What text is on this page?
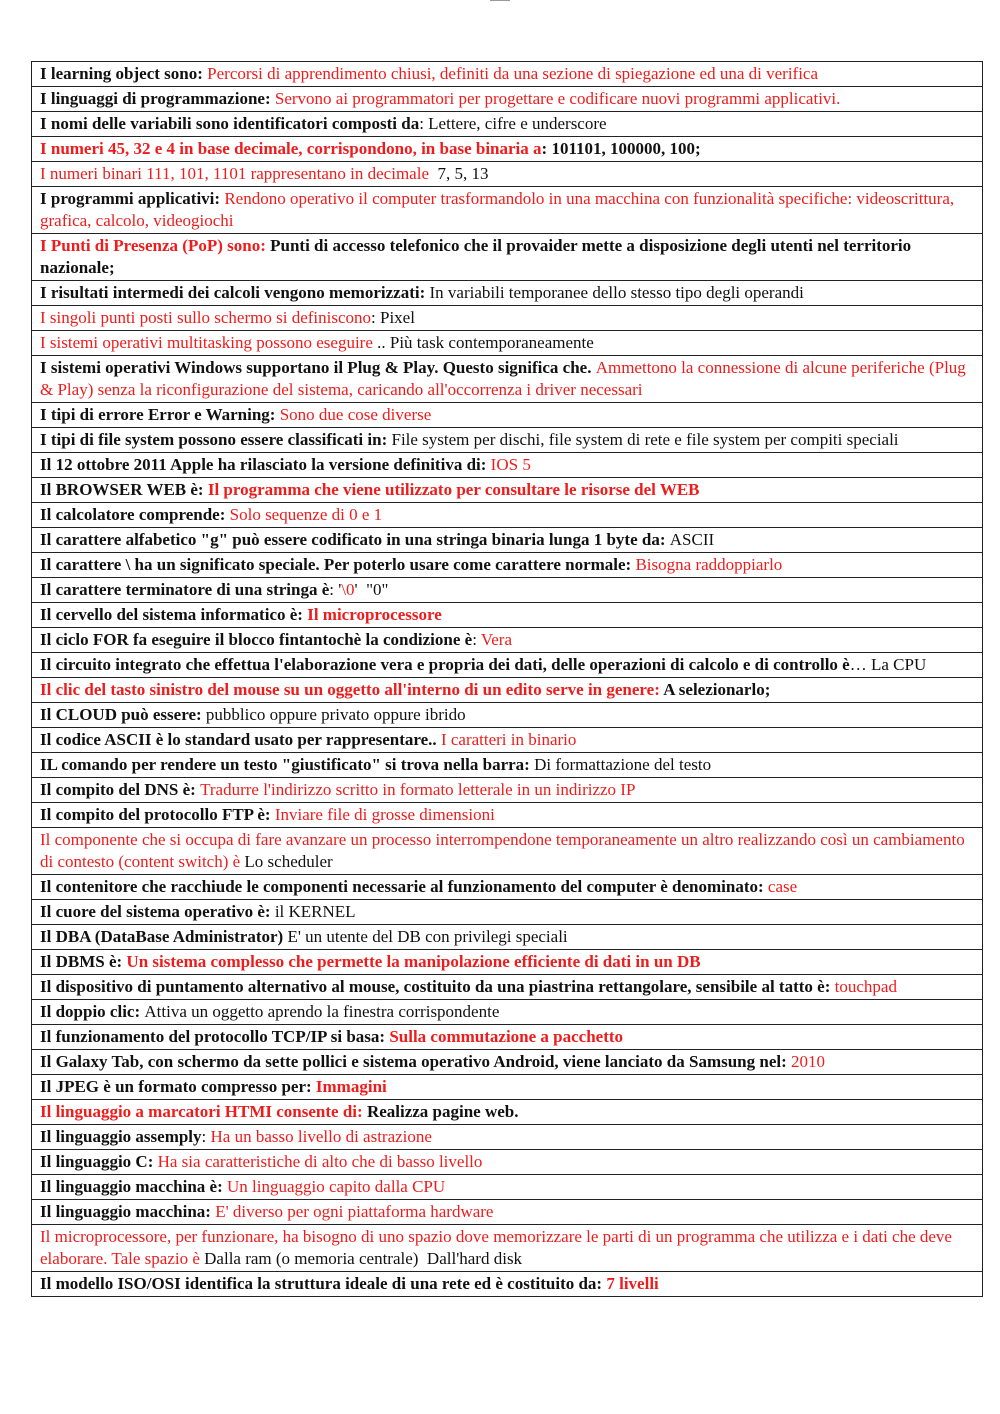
I learning object sono: Percorsi di apprendimento chiusi, definiti da una sezione di spiegazione ed una di verifica
I linguaggi di programmazione: Servono ai programmatori per progettare e codificare nuovi programmi applicativi.
I nomi delle variabili sono identificatori composti da: Lettere, cifre e underscore
I numeri 45, 32 e 4 in base decimale, corrispondono, in base binaria a: 101101, 100000, 100;
I numeri binari 111, 101, 1101 rappresentano in decimale  7, 5, 13
I programmi applicativi: Rendono operativo il computer trasformandolo in una macchina con funzionalità specifiche: videoscrittura, grafica, calcolo, videogiochi
I Punti di Presenza (PoP) sono: Punti di accesso telefonico che il provaider mette a disposizione degli utenti nel territorio nazionale;
I risultati intermedi dei calcoli vengono memorizzati: In variabili temporanee dello stesso tipo degli operandi
I singoli punti posti sullo schermo si definiscono: Pixel
I sistemi operativi multitasking possono eseguire .. Più task contemporaneamente
I sistemi operativi Windows supportano il Plug & Play. Questo significa che. Ammettono la connessione di alcune periferiche (Plug & Play) senza la riconfigurazione del sistema, caricando all'occorrenza i driver necessari
I tipi di errore Error e Warning: Sono due cose diverse
I tipi di file system possono essere classificati in: File system per dischi, file system di rete e file system per compiti speciali
Il 12 ottobre 2011 Apple ha rilasciato la versione definitiva di: IOS 5
Il BROWSER WEB è: Il programma che viene utilizzato per consultare le risorse del WEB
Il calcolatore comprende: Solo sequenze di 0 e 1
Il carattere alfabetico "g" può essere codificato in una stringa binaria lunga 1 byte da: ASCII
Il carattere \ ha un significato speciale. Per poterlo usare come carattere normale: Bisogna raddoppiarlo
Il carattere terminatore di una stringa è: '\0'  "0"
Il cervello del sistema informatico è: Il microprocessore
Il ciclo FOR fa eseguire il blocco fintantochè la condizione è: Vera
Il circuito integrato che effettua l'elaborazione vera e propria dei dati, delle operazioni di calcolo e di controllo è… La CPU
Il clic del tasto sinistro del mouse su un oggetto all'interno di un edito serve in genere: A selezionarlo;
Il CLOUD può essere: pubblico oppure privato oppure ibrido
Il codice ASCII è lo standard usato per rappresentare.. I caratteri in binario
IL comando per rendere un testo "giustificato" si trova nella barra: Di formattazione del testo
Il compito del DNS è: Tradurre l'indirizzo scritto in formato letterale in un indirizzo IP
Il compito del protocollo FTP è: Inviare file di grosse dimensioni
Il componente che si occupa di fare avanzare un processo interrompendone temporaneamente un altro realizzando così un cambiamento di contesto (content switch) è Lo scheduler
Il contenitore che racchiude le componenti necessarie al funzionamento del computer è denominato: case
Il cuore del sistema operativo è: il KERNEL
Il DBA (DataBase Administrator) E' un utente del DB con privilegi speciali
Il DBMS è: Un sistema complesso che permette la manipolazione efficiente di dati in un DB
Il dispositivo di puntamento alternativo al mouse, costituito da una piastrina rettangolare, sensibile al tatto è: touchpad
Il doppio clic: Attiva un oggetto aprendo la finestra corrispondente
Il funzionamento del protocollo TCP/IP si basa: Sulla commutazione a pacchetto
Il Galaxy Tab, con schermo da sette pollici e sistema operativo Android, viene lanciato da Samsung nel: 2010
Il JPEG è un formato compresso per: Immagini
Il linguaggio a marcatori HTMI consente di: Realizza pagine web.
Il linguaggio assemply: Ha un basso livello di astrazione
Il linguaggio C: Ha sia caratteristiche di alto che di basso livello
Il linguaggio macchina è: Un linguaggio capito dalla CPU
Il linguaggio macchina: E' diverso per ogni piattaforma hardware
Il microprocessore, per funzionare, ha bisogno di uno spazio dove memorizzare le parti di un programma che utilizza e i dati che deve elaborare. Tale spazio è Dalla ram (o memoria centrale)  Dall'hard disk
Il modello ISO/OSI identifica la struttura ideale di una rete ed è costituito da: 7 livelli
